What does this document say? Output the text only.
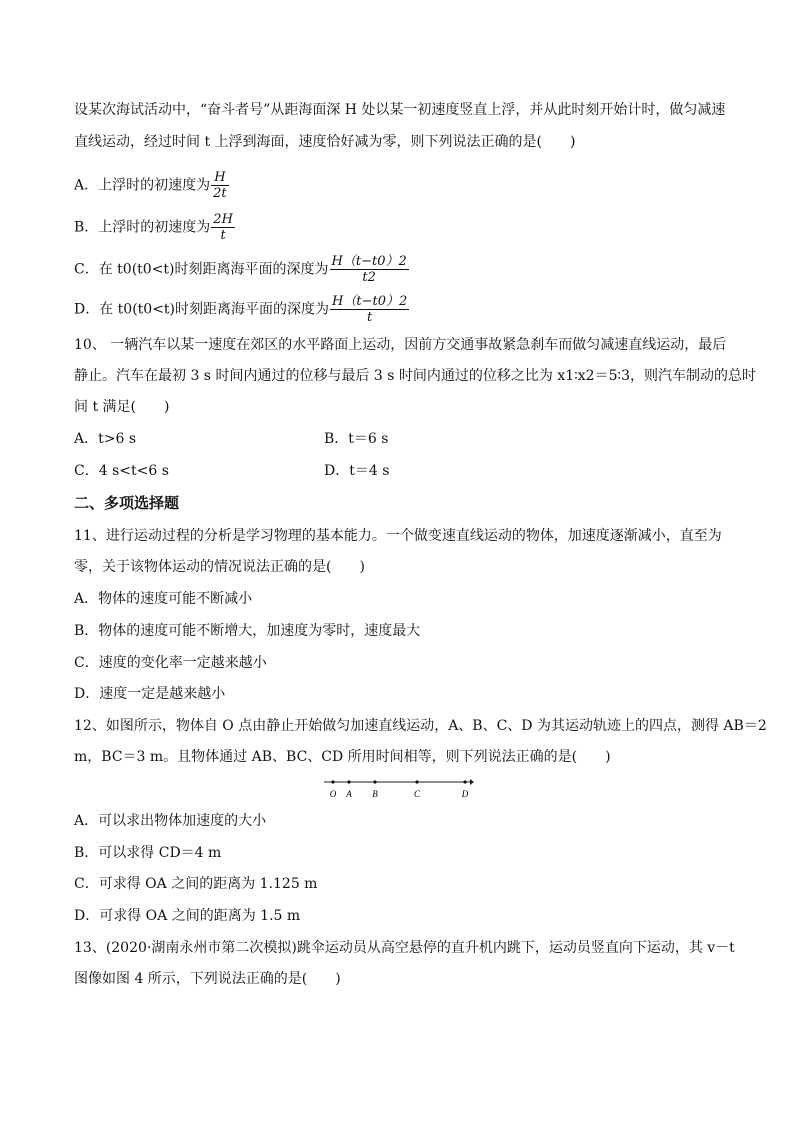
设某次海试活动中，“奋斗者号”从距海面深 H 处以某一初速度竖直上浮，并从此时刻开始计时，做匀减速
直线运动，经过时间 t 上浮到海面，速度恰好减为零，则下列说法正确的是(　　)
A．上浮时的初速度为 $\frac{H}{2t}$
B．上浮时的初速度为 $\frac{2H}{t}$
C．在 t0(t0<t)时刻距离海平面的深度为 $\frac{H(t-t0)2}{t2}$
D．在 t0(t0<t)时刻距离海平面的深度为 $\frac{H(t-t0)2}{t}$
10、 一辆汽车以某一速度在郊区的水平路面上运动，因前方交通事故紧急刹车而做匀减速直线运动，最后
静止。汽车在最初 3 s 时间内通过的位移与最后 3 s 时间内通过的位移之比为 x1∶x2＝5∶3，则汽车制动的总时
间 t 满足(　　)
A．t>6 s	B．t＝6 s
C．4 s<t<6 s	D．t＝4 s
二、多项选择题
11、进行运动过程的分析是学习物理的基本能力。一个做变速直线运动的物体，加速度逐渐减小，直至为
零，关于该物体运动的情况说法正确的是(　　)
A．物体的速度可能不断减小
B．物体的速度可能不断增大，加速度为零时，速度最大
C．速度的变化率一定越来越小
D．速度一定是越来越小
12、如图所示，物体自 O 点由静止开始做匀加速直线运动，A、B、C、D 为其运动轨迹上的四点，测得 AB＝2
m，BC＝3 m。且物体通过 AB、BC、CD 所用时间相等，则下列说法正确的是(　　)
O A B	C	D
A．可以求出物体加速度的大小
B．可以求得 CD＝4 m
C．可求得 OA 之间的距离为 1.125 m
D．可求得 OA 之间的距离为 1.5 m
13、(2020·湖南永州市第二次模拟)跳伞运动员从高空悬停的直升机内跳下，运动员竖直向下运动，其 v－t
图像如图 4 所示，下列说法正确的是(　　)
